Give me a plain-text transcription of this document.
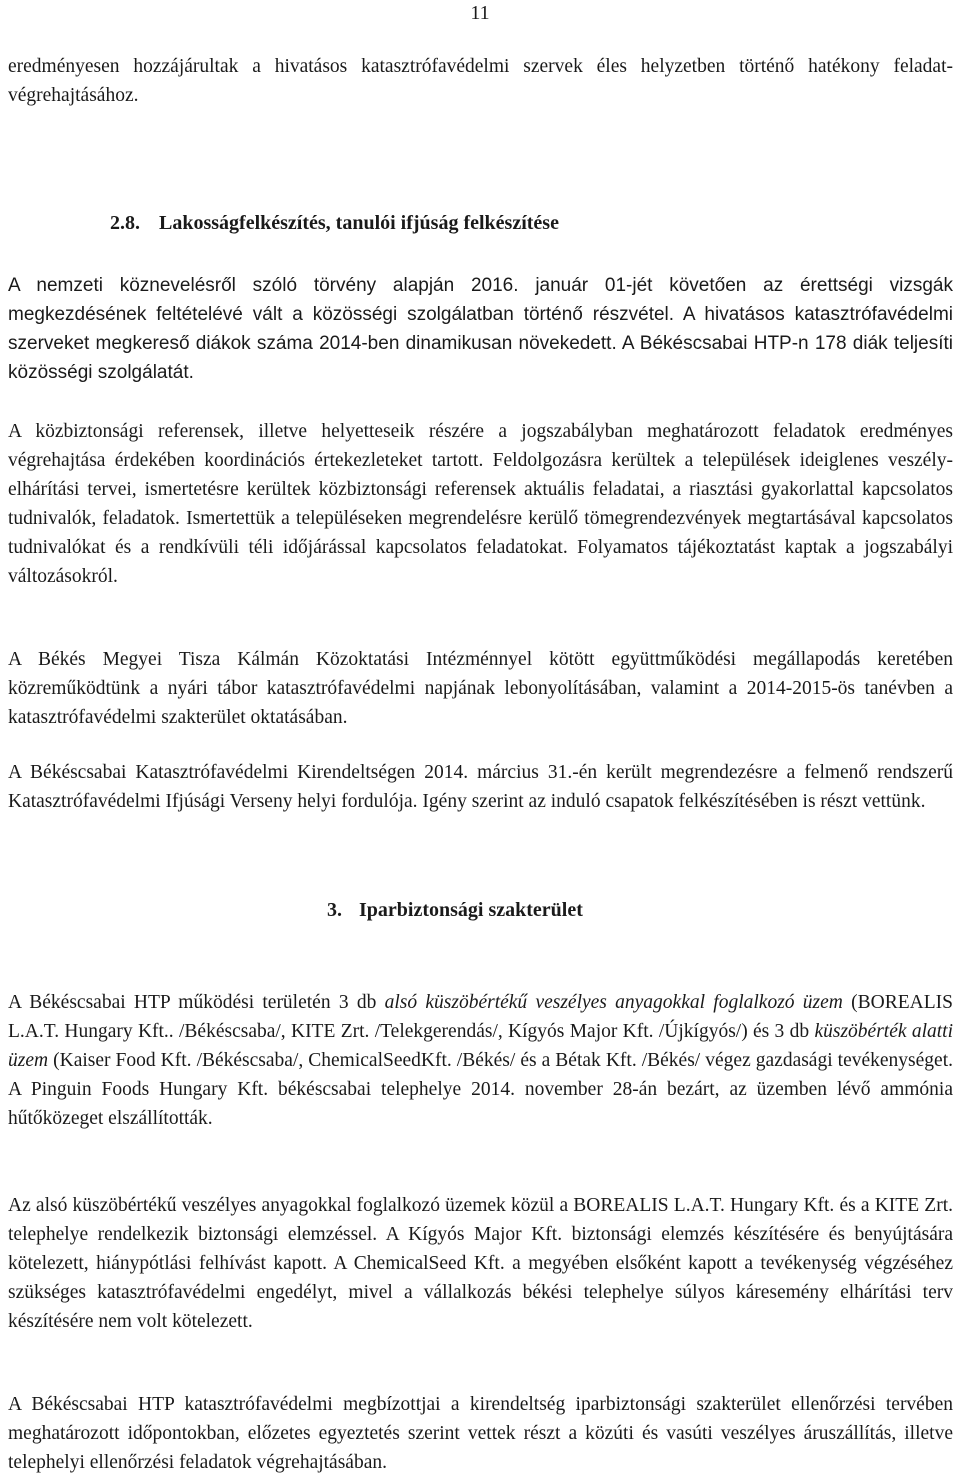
11

eredményesen hozzájárultak a hivatásos katasztrófavédelmi szervek éles helyzetben történő hatékony feladat-végrehajtásához.

2.8. Lakosságfelkészítés, tanulói ifjúság felkészítése

A nemzeti köznevelésről szóló törvény alapján 2016. január 01-jét követően az érettségi vizsgák megkezdésének feltételévé vált a közösségi szolgálatban történő részvétel. A hivatásos katasztrófavédelmi szerveket megkereső diákok száma 2014-ben dinamikusan növekedett. A Békéscsabai HTP-n 178 diák teljesíti közösségi szolgálatát.

A közbiztonsági referensek, illetve helyetteseik részére a jogszabályban meghatározott feladatok eredményes végrehajtása érdekében koordinációs értekezleteket tartott. Feldolgozásra kerültek a települések ideiglenes veszély-elhárítási tervei, ismertetésre kerültek közbiztonsági referensek aktuális feladatai, a riasztási gyakorlattal kapcsolatos tudnivalók, feladatok. Ismertettük a településeken megrendelésre kerülő tömegrendezvények megtartásával kapcsolatos tudnivalókat és a rendkívüli téli időjárással kapcsolatos feladatokat. Folyamatos tájékoztatást kaptak a jogszabályi változásokról.

A Békés Megyei Tisza Kálmán Közoktatási Intézménnyel kötött együttműködési megállapodás keretében közreműködtünk a nyári tábor katasztrófavédelmi napjának lebonyolításában, valamint a 2014-2015-ös tanévben a katasztrófavédelmi szakterület oktatásában.

A Békéscsabai Katasztrófavédelmi Kirendeltségen 2014. március 31.-én került megrendezésre a felmenő rendszerű Katasztrófavédelmi Ifjúsági Verseny helyi fordulója. Igény szerint az induló csapatok felkészítésében is részt vettünk.

3. Iparbiztonsági szakterület

A Békéscsabai HTP működési területén 3 db alsó küszöbértékű veszélyes anyagokkal foglalkozó üzem (BOREALIS L.A.T. Hungary Kft.. /Békéscsaba/, KITE Zrt. /Telekgerendás/, Kígyós Major Kft. /Újkígyós/) és 3 db küszöbérték alatti üzem (Kaiser Food Kft. /Békéscsaba/, ChemicalSeedKft. /Békés/ és a Bétak Kft. /Békés/ végez gazdasági tevékenységet. A Pinguin Foods Hungary Kft. békéscsabai telephelye 2014. november 28-án bezárt, az üzemben lévő ammónia hűtőközeget elszállították.

Az alsó küszöbértékű veszélyes anyagokkal foglalkozó üzemek közül a BOREALIS L.A.T. Hungary Kft. és a KITE Zrt. telephelye rendelkezik biztonsági elemzéssel. A Kígyós Major Kft. biztonsági elemzés készítésére és benyújtására kötelezett, hiánypótlási felhívást kapott. A ChemicalSeed Kft. a megyében elsőként kapott a tevékenység végzéséhez szükséges katasztrófavédelmi engedélyt, mivel a vállalkozás békési telephelye súlyos káresemény elhárítási terv készítésére nem volt kötelezett.

A Békéscsabai HTP katasztrófavédelmi megbízottjai a kirendeltség iparbiztonsági szakterület ellenőrzési tervében meghatározott időpontokban, előzetes egyeztetés szerint vettek részt a közúti és vasúti veszélyes áruszállítás, illetve telephelyi ellenőrzési feladatok végrehajtásában.
